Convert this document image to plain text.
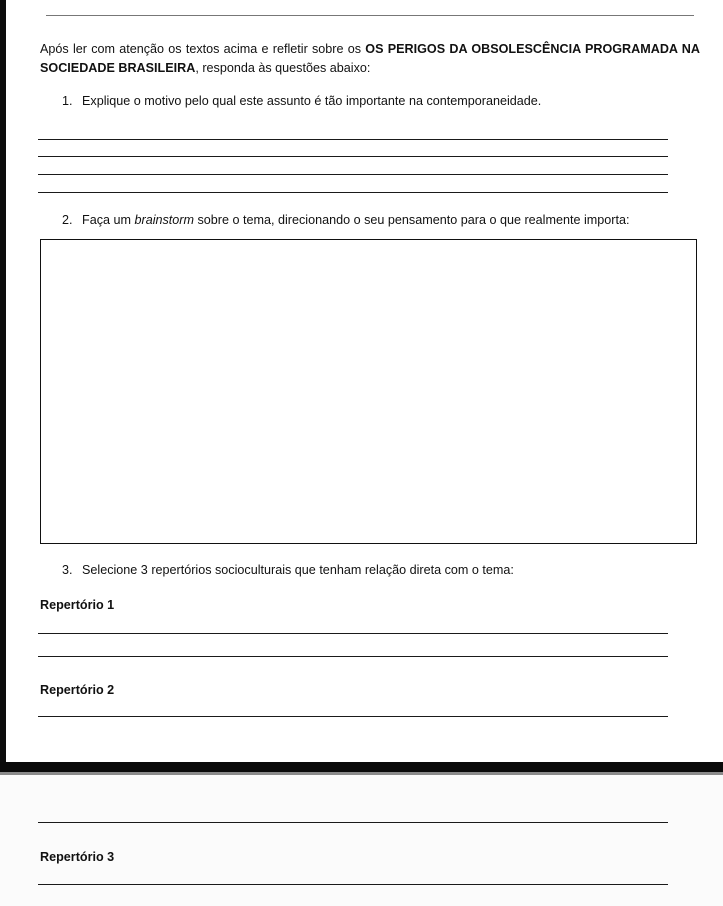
Após ler com atenção os textos acima e refletir sobre os OS PERIGOS DA OBSOLESCÊNCIA PROGRAMADA NA SOCIEDADE BRASILEIRA, responda às questões abaixo:
1. Explique o motivo pelo qual este assunto é tão importante na contemporaneidade.
2. Faça um brainstorm sobre o tema, direcionando o seu pensamento para o que realmente importa:
3. Selecione 3 repertórios socioculturais que tenham relação direta com o tema:
Repertório 1
Repertório 2
Repertório 3
